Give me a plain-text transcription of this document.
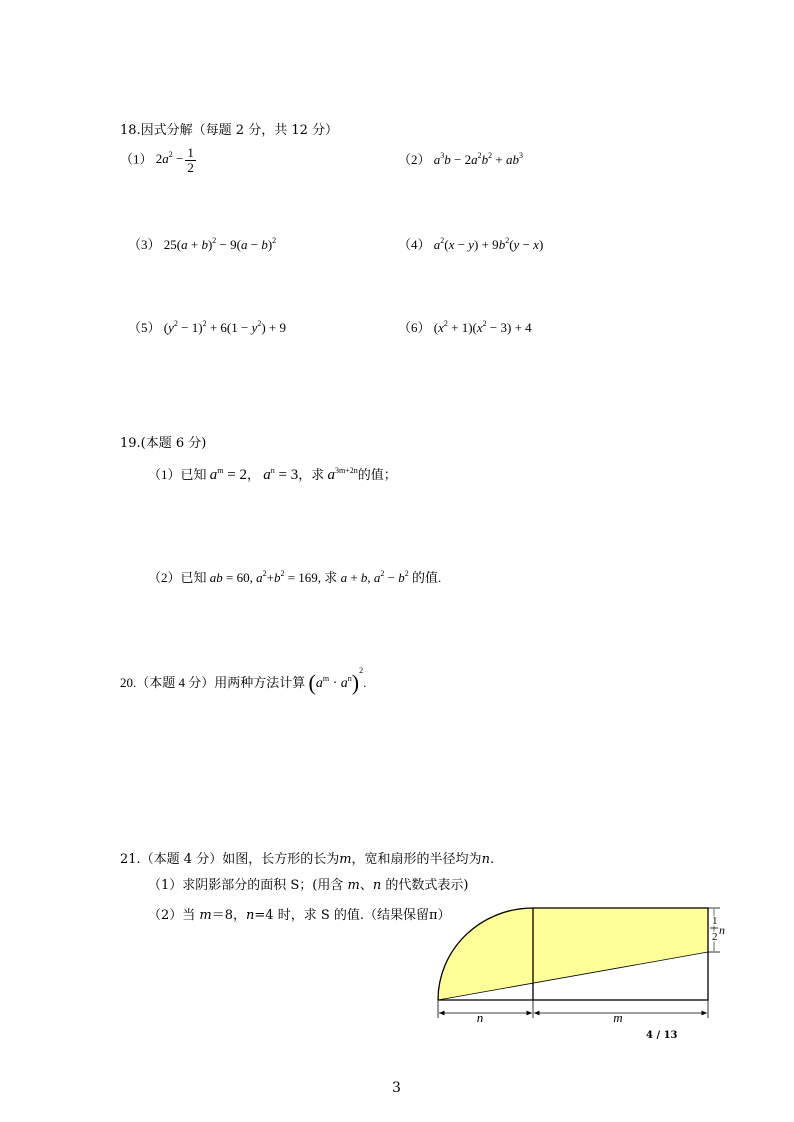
18.因式分解（每题 2 分，共 12 分）
（1） $2a^2 - \frac{1}{2}$	（2） $a^3b - 2a^2b^2 + ab^3$
（3） $25(a + b)^2 - 9(a - b)^2$	（4） $a^2(x - y) + 9b^2(y - x)$
（5） $(y^2 - 1)^2 + 6(1 - y^2) + 9$	（6） $(x^2 + 1)(x^2 - 3) + 4$
19.(本题 6 分)
（1）已知 $a^m = 2$， $a^n = 3$，求 $a^{3m+2n}$的值；
（2）已知 ab = 60, $a^2+b^2 = 169$, 求 a + b, $a^2 - b^2$ 的值.
20.（本题 4 分）用两种方法计算 $(a^m \cdot a^n)^2$.
21.（本题 4 分）如图，长方形的长为m，宽和扇形的半径均为n.
（1）求阴影部分的面积 S；(用含 m、n 的代数式表示)
（2）当 m＝8，n=4 时，求 S 的值.（结果保留π）
n	m
1
2 n
4 / 13
3
